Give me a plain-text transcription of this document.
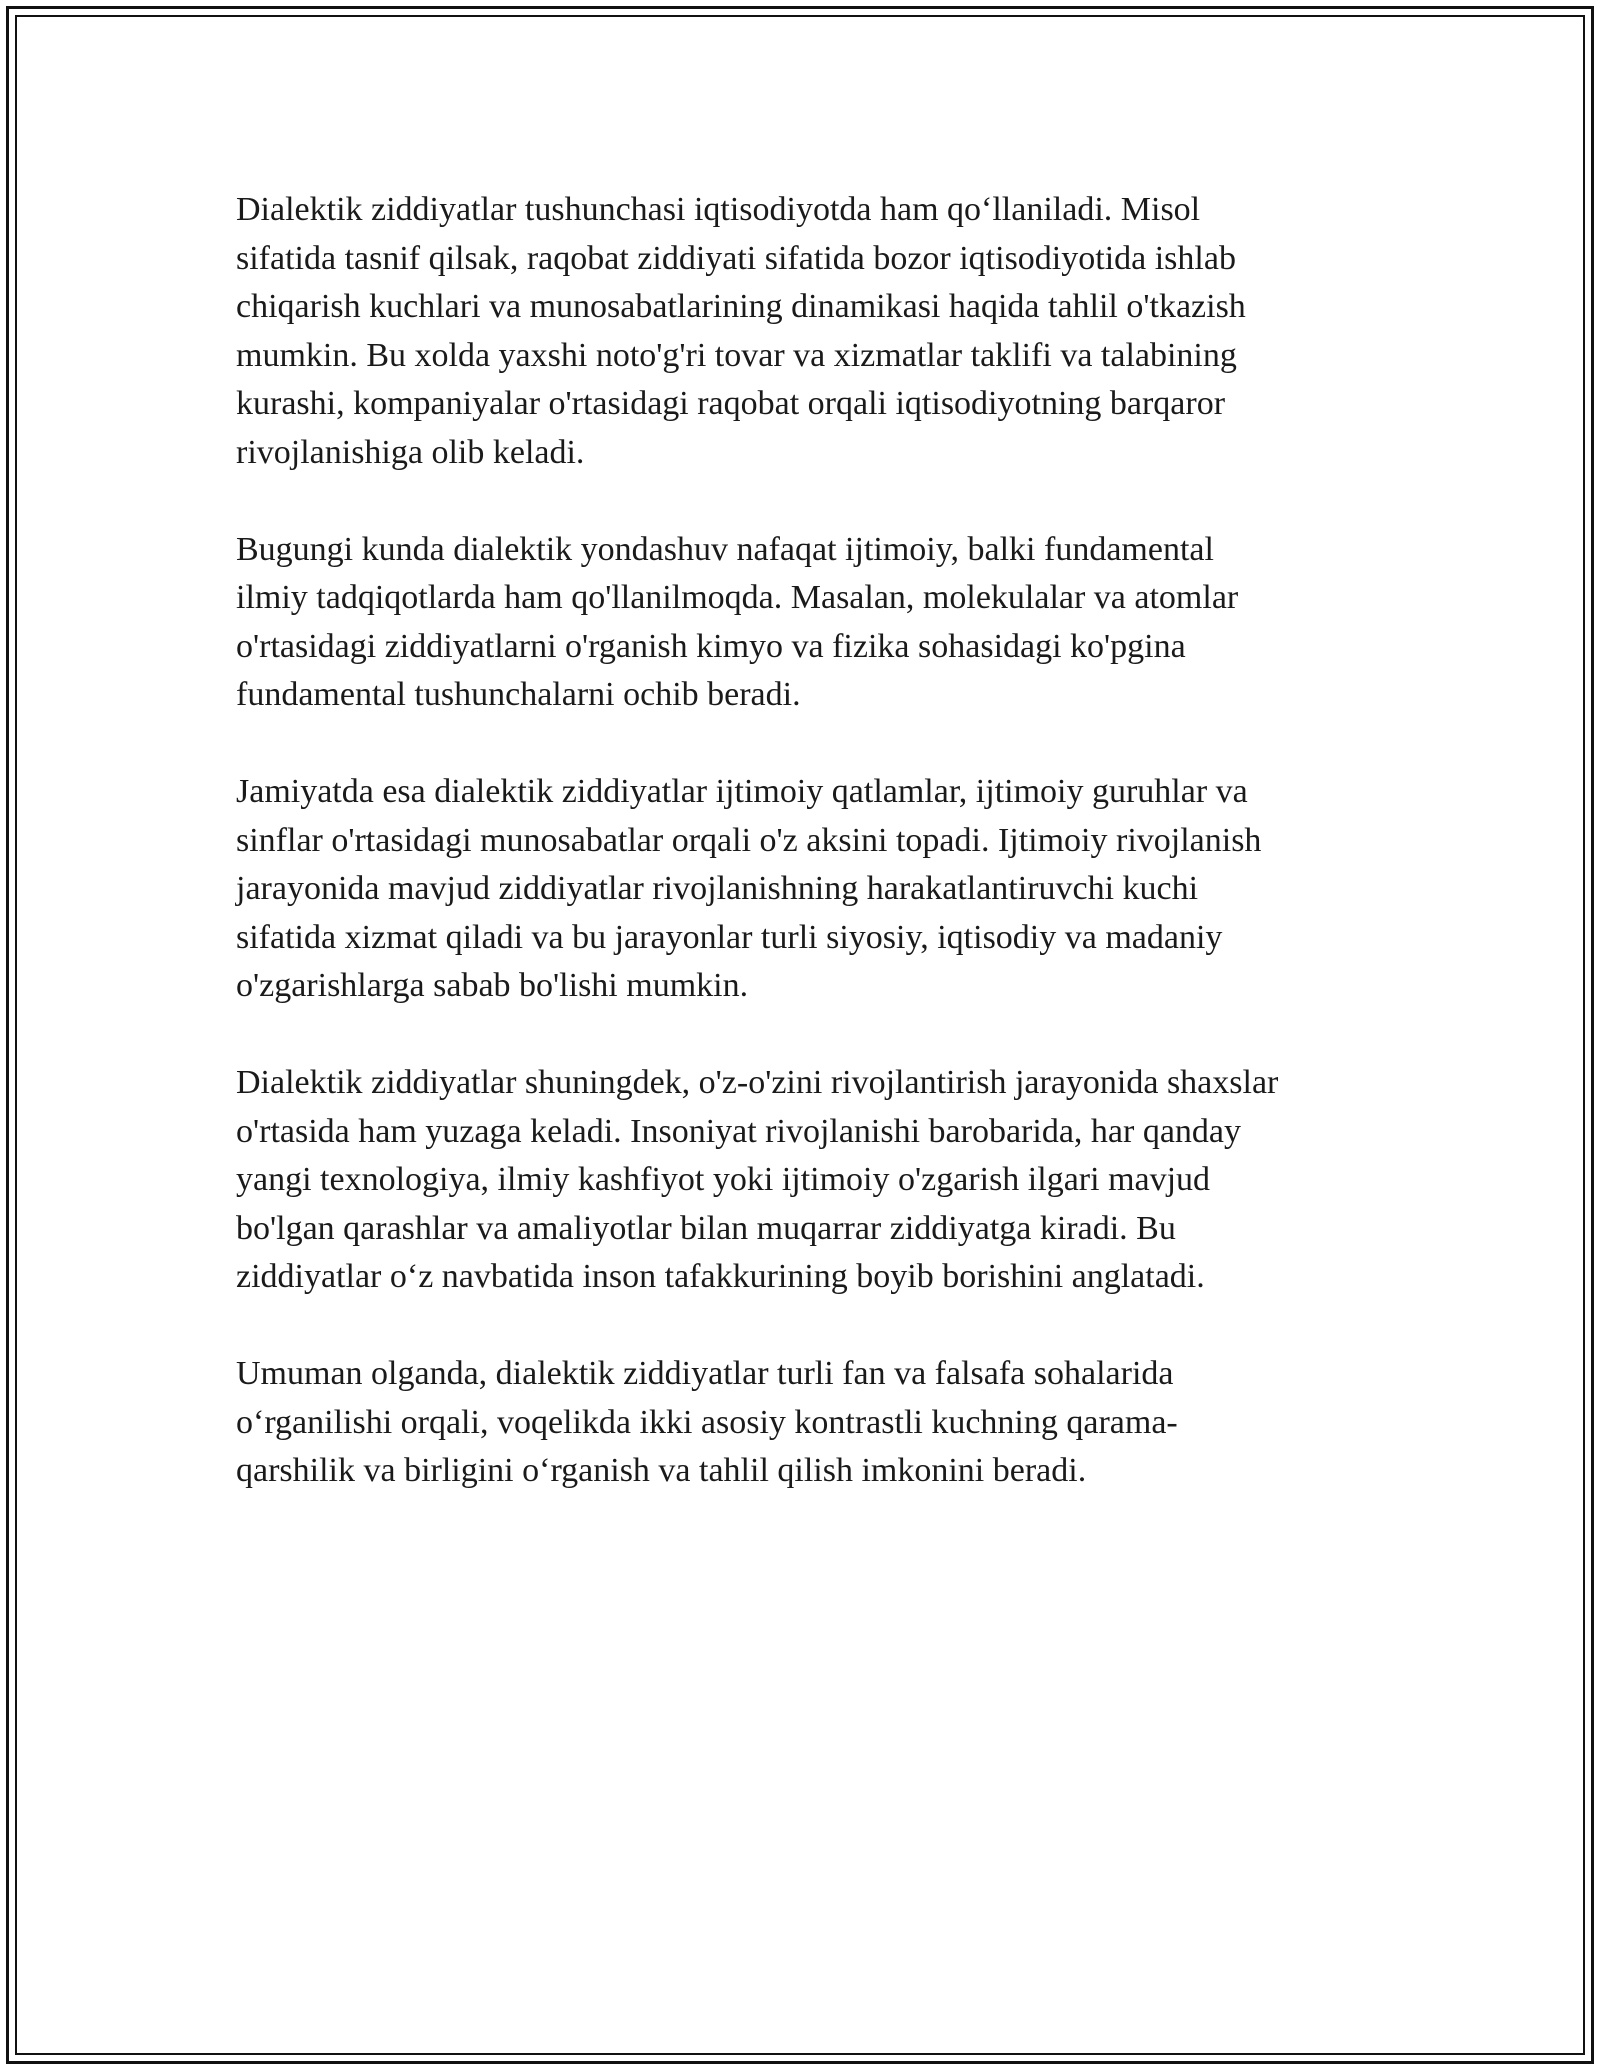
Dialektik ziddiyatlar tushunchasi iqtisodiyotda ham qo‘llaniladi. Misol
sifatida tasnif qilsak, raqobat ziddiyati sifatida bozor iqtisodiyotida ishlab
chiqarish kuchlari va munosabatlarining dinamikasi haqida tahlil o'tkazish
mumkin. Bu xolda yaxshi noto'g'ri tovar va xizmatlar taklifi va talabining
kurashi, kompaniyalar o'rtasidagi raqobat orqali iqtisodiyotning barqaror
rivojlanishiga olib keladi.

Bugungi kunda dialektik yondashuv nafaqat ijtimoiy, balki fundamental
ilmiy tadqiqotlarda ham qo'llanilmoqda. Masalan, molekulalar va atomlar
o'rtasidagi ziddiyatlarni o'rganish kimyo va fizika sohasidagi ko'pgina
fundamental tushunchalarni ochib beradi.

Jamiyatda esa dialektik ziddiyatlar ijtimoiy qatlamlar, ijtimoiy guruhlar va
sinflar o'rtasidagi munosabatlar orqali o'z aksini topadi. Ijtimoiy rivojlanish
jarayonida mavjud ziddiyatlar rivojlanishning harakatlantiruvchi kuchi
sifatida xizmat qiladi va bu jarayonlar turli siyosiy, iqtisodiy va madaniy
o'zgarishlarga sabab bo'lishi mumkin.

Dialektik ziddiyatlar shuningdek, o'z-o'zini rivojlantirish jarayonida shaxslar
o'rtasida ham yuzaga keladi. Insoniyat rivojlanishi barobarida, har qanday
yangi texnologiya, ilmiy kashfiyot yoki ijtimoiy o'zgarish ilgari mavjud
bo'lgan qarashlar va amaliyotlar bilan muqarrar ziddiyatga kiradi. Bu
ziddiyatlar o‘z navbatida inson tafakkurining boyib borishini anglatadi.

Umuman olganda, dialektik ziddiyatlar turli fan va falsafa sohalarida
o‘rganilishi orqali, voqelikda ikki asosiy kontrastli kuchning qarama-
qarshilik va birligini o‘rganish va tahlil qilish imkonini beradi.
